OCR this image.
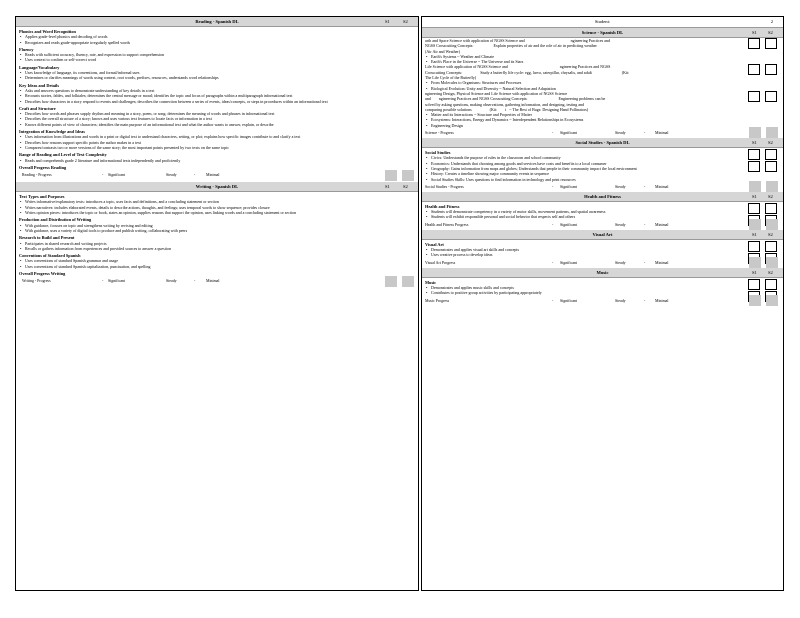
Reading - Spanish DL	S1	S2
Phonics and Word Recognition
• Applies grade-level phonics and decoding of words
• Recognizes and reads grade-appropriate irregularly spelled words
Fluency
• Reads with sufficient accuracy, fluency, rate, and expression to support comprehension
• Uses context to confirm or self-correct word
Language/Vocabulary
• Uses knowledge of language, its conventions, and formal/informal uses
• Determines or clarifies meanings of words using context, root words, prefixes, resources, understands word relationships
Key Ideas and Details
• Asks and answers questions to demonstrate understanding of key details in a text
• Recounts stories, fables, and folktales; determines the central message or moral; identifies the topic and focus of paragraphs within a multiparagraph informational text
• Describes how characters in a story respond to events and challenges; describes the connection between a series of events, ideas/concepts, or steps in procedures within an informational text
Craft and Structure
• Describes how words and phrases supply rhythm and meaning in a story, poem, or song; determines the meaning of words and phrases in informational text
• Describes the overall structure of a story; knows and uses various text features to locate facts or information in a text
• Knows different points of view of characters; identifies the main purpose of an informational text and what the author wants to answer, explain, or describe
Integration of Knowledge and Ideas
• Uses information from illustrations and words in a print or digital text to understand characters, setting, or plot; explains how specific images contribute to and clarify a text
• Describes how reasons support specific points the author makes in a text
• Compares/contrasts two or more versions of the same story; the most important points presented by two texts on the same topic
Range of Reading and Level of Text Complexity
• Reads and comprehends grade 2 literature and informational texts independently and proficiently
Overall Progress Reading
Reading - Progress	- Significant	Steady	-	Minimal
Writing - Spanish DL	S1	S2
Text Types and Purposes
• Writes informative/explanatory texts: introduces a topic, uses facts and definitions, and a concluding statement or section
• Writes narratives: includes elaborated events, details to describe actions, thoughts, and feelings; uses temporal words to show sequence; provides closure
• Writes opinion pieces: introduces the topic or book, states an opinion, supplies reasons that support the opinion, uses linking words and a concluding statement or section
Production and Distribution of Writing
• With guidance, focuses on topic and strengthens writing by revising and editing
• With guidance, uses a variety of digital tools to produce and publish writing, collaborating with peers
Research to Build and Present
• Participates in shared research and writing projects
• Recalls or gathers information from experiences and provided sources to answer a question
Conventions of Standard Spanish
• Uses conventions of standard Spanish grammar and usage
• Uses conventions of standard Spanish capitalization, punctuation, and spelling
Overall Progress Writing
Writing - Progress	- Significant	Steady	-	Minimal
Student:	2
Science - Spanish DL	S1 S2
arth and Space Science with application of NGSS Science and                                              ngineering Practices and
NGSS Crosscutting Concepts:                    Explain properties of air and the role of air in predicting weather
(Air Air and Weather)
• Earth's Systems ~ Weather and Climate
• Earth's Place in the Universe ~ The Universe and its Stars
Life Science with application of NGSS Science and                                                    ngineering Practices and NGSS
Crosscutting Concepts:                  Study a butterfly life cycle: egg, larva, caterpillar, chrysalis, and adult                              (Kit:
The Life Cycle of the Butterfly)
• From Molecules to Organisms: Structures and Processes
• Biological Evolution: Unity and Diversity ~ Natural Selection and Adaptation
ngineering Design, Physical Science and Life Science with application of NGSS Science
and        ngineering Practices and NGSS Crosscutting Concepts:                               Engineering problems can be
solved by asking questions, making observations, gathering information, and designing, testing and
comparing possible solutions                  (Kit:        i   ~ The Best of Bugs: Designing Hand Pollinators)
• Matter and its Interactions ~ Structure and Properties of Matter
• Ecosystems: Interactions, Energy and Dynamics ~ Interdependent Relationships in Ecosystems
• Engineering Design
Science - Progress	- Significant	Steady	- Minimal
Social Studies - Spanish DL	S1 S2
Social Studies
• Civics: Understands the purpose of rules in the classroom and school community
• Economics: Understands that choosing among goods and services have costs and benefits to a local consumer
• Geography: Gains information from maps and globes; Understands that people in their community impact the local environment
• History: Creates a timeline showing major community events in sequence
• Social Studies Skills: Uses questions to find information in technology and print resources
Social Studies - Progress	- Significant	Steady	- Minimal
Health and Fitness	S1 S2
Health and Fitness
• Students will demonstrate competency in a variety of motor skills, movement patterns, and spatial awareness
• Students will exhibit responsible personal and social behavior that respects self and others
Health and Fitness Progress	- Significant	Steady	- Minimal
Visual Art	S1 S2
Visual Art
• Demonstrates and applies visual art skills and concepts
• Uses creative process to develop ideas
Visual Art Progress	- Significant	Steady	- Minimal
Music	S1 S2
Music
• Demonstrates and applies music skills and concepts
• Contributes to positive group activities by participating appropriately
Music Progress	- Significant	Steady	- Minimal
